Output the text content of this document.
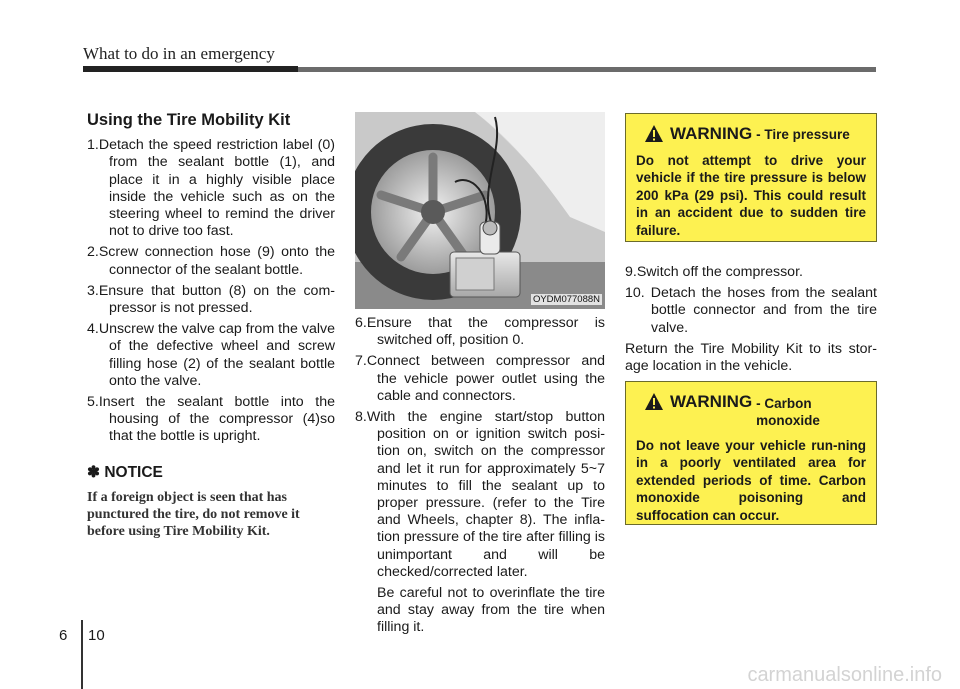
What to do in an emergency
Using the Tire Mobility Kit
1.Detach the speed restriction label (0) from the sealant bottle (1), and place it in a highly visible place inside the vehicle such as on the steering wheel to remind the driver not to drive too fast.
2.Screw connection hose (9) onto the connector of the sealant bottle.
3.Ensure that button (8) on the com-pressor is not pressed.
4.Unscrew the valve cap from the valve of the defective wheel and screw filling hose (2) of the sealant bottle onto the valve.
5.Insert the sealant bottle into the housing of the compressor (4)so that the bottle is upright.
✽ NOTICE
If a foreign object is seen that has punctured the tire, do not remove it before using Tire Mobility Kit.
OYDM077088N
6.Ensure that the compressor is switched off, position 0.
7.Connect between compressor and the vehicle power outlet using the cable and connectors.
8.With the engine start/stop button position on or ignition switch posi-tion on, switch on the compressor and let it run for approximately 5~7 minutes to fill the sealant up to proper pressure. (refer to the Tire and Wheels, chapter 8). The infla-tion pressure of the tire after filling is unimportant and will be checked/corrected later.
Be careful not to overinflate the tire and stay away from the tire when filling it.
WARNING - Tire pressure
Do not attempt to drive your vehicle if the tire pressure is below 200 kPa (29 psi). This could result in an accident due to sudden tire failure.
9.Switch off the compressor.
10. Detach the hoses from the sealant bottle connector and from the tire valve.
Return the Tire Mobility Kit to its stor-age location in the vehicle.
WARNING - Carbon monoxide
Do not leave your vehicle run-ning in a poorly ventilated area for extended periods of time. Carbon monoxide poisoning and suffocation can occur.
6 10
carmanualsonline.info
